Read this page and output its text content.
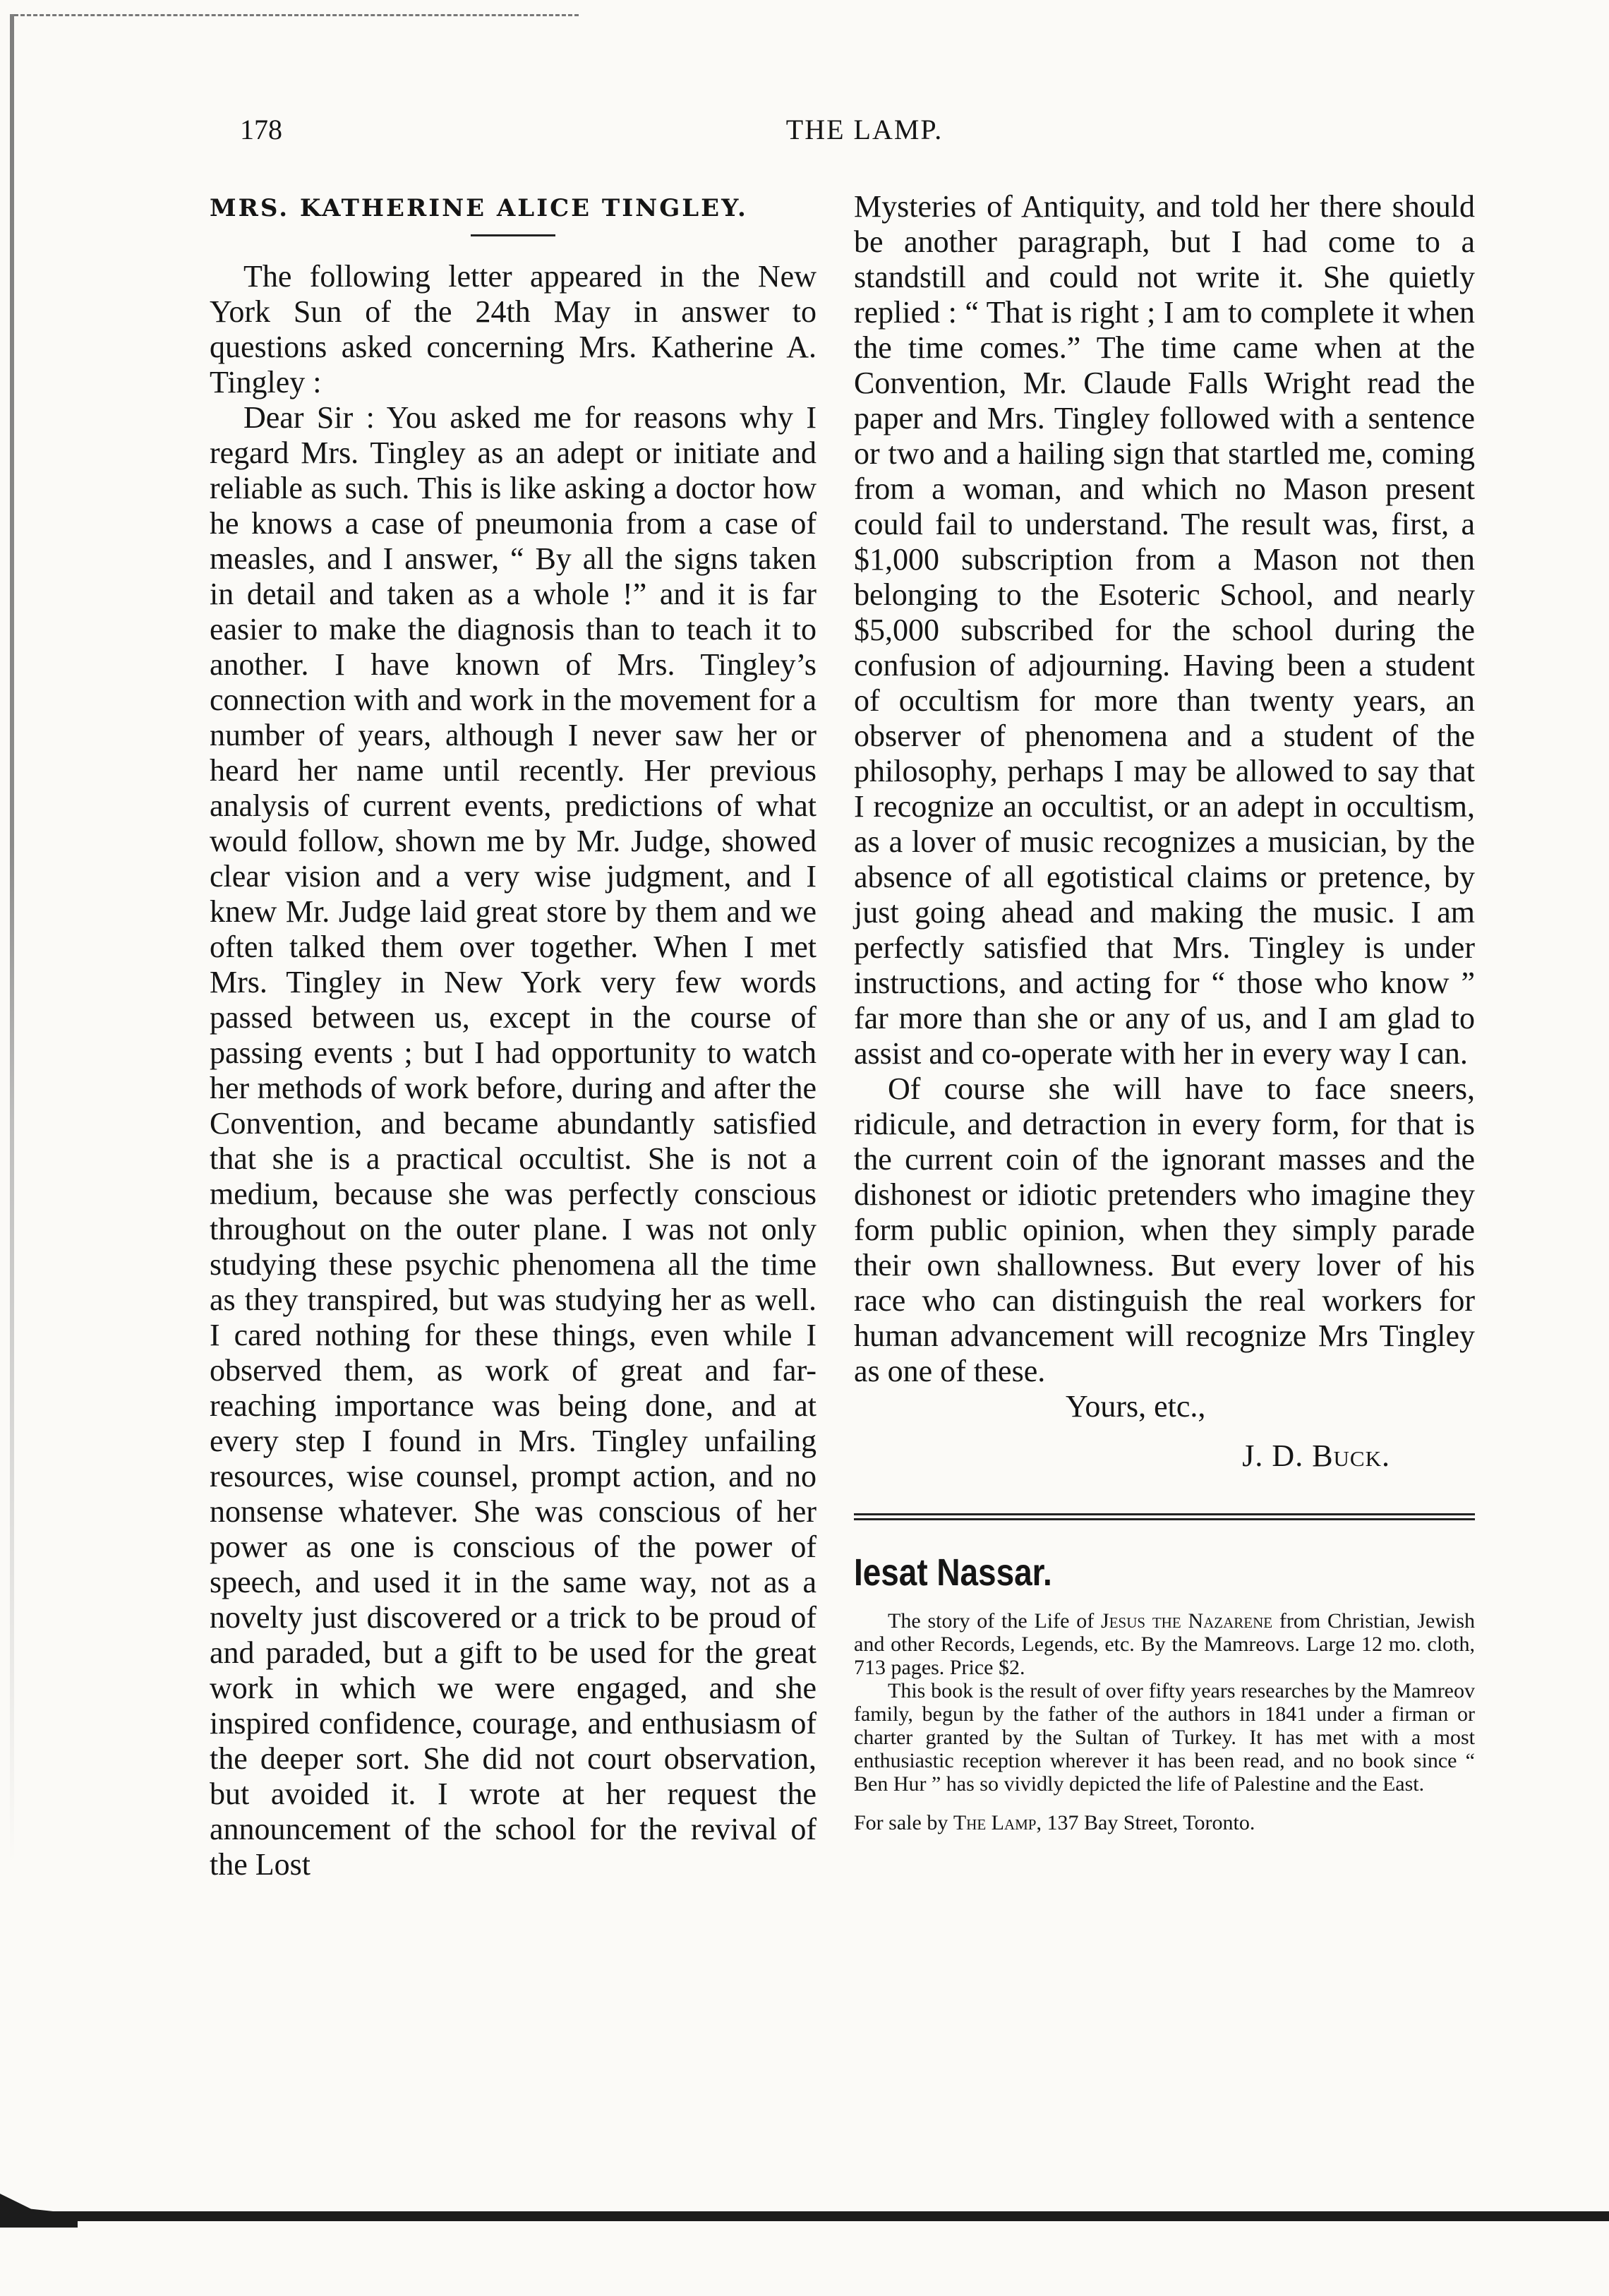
178	THE LAMP.

MRS. KATHERINE ALICE TINGLEY.

The following letter appeared in the New York Sun of the 24th May in answer to questions asked concerning Mrs. Katherine A. Tingley :

Dear Sir : You asked me for reasons why I regard Mrs. Tingley as an adept or initiate and reliable as such. This is like asking a doctor how he knows a case of pneumonia from a case of measles, and I answer, “ By all the signs taken in detail and taken as a whole !” and it is far easier to make the diagnosis than to teach it to another. I have known of Mrs. Tingley’s connection with and work in the movement for a number of years, although I never saw her or heard her name until recently. Her previous analysis of current events, predictions of what would follow, shown me by Mr. Judge, showed clear vision and a very wise judgment, and I knew Mr. Judge laid great store by them and we often talked them over together. When I met Mrs. Tingley in New York very few words passed between us, except in the course of passing events ; but I had opportunity to watch her methods of work before, during and after the Convention, and became abundantly satisfied that she is a practical occultist. She is not a medium, because she was perfectly conscious throughout on the outer plane. I was not only studying these psychic phenomena all the time as they transpired, but was studying her as well. I cared nothing for these things, even while I observed them, as work of great and far-reaching importance was being done, and at every step I found in Mrs. Tingley unfailing resources, wise counsel, prompt action, and no nonsense whatever. She was conscious of her power as one is conscious of the power of speech, and used it in the same way, not as a novelty just discovered or a trick to be proud of and paraded, but a gift to be used for the great work in which we were engaged, and she inspired confidence, courage, and enthusiasm of the deeper sort. She did not court observation, but avoided it. I wrote at her request the announcement of the school for the revival of the Lost

Mysteries of Antiquity, and told her there should be another paragraph, but I had come to a standstill and could not write it. She quietly replied : “ That is right ; I am to complete it when the time comes.” The time came when at the Convention, Mr. Claude Falls Wright read the paper and Mrs. Tingley followed with a sentence or two and a hailing sign that startled me, coming from a woman, and which no Mason present could fail to understand. The result was, first, a $1,000 subscription from a Mason not then belonging to the Esoteric School, and nearly $5,000 subscribed for the school during the confusion of adjourning. Having been a student of occultism for more than twenty years, an observer of phenomena and a student of the philosophy, perhaps I may be allowed to say that I recognize an occultist, or an adept in occultism, as a lover of music recognizes a musician, by the absence of all egotistical claims or pretence, by just going ahead and making the music. I am perfectly satisfied that Mrs. Tingley is under instructions, and acting for “ those who know ” far more than she or any of us, and I am glad to assist and co-operate with her in every way I can.

Of course she will have to face sneers, ridicule, and detraction in every form, for that is the current coin of the ignorant masses and the dishonest or idiotic pretenders who imagine they form public opinion, when they simply parade their own shallowness. But every lover of his race who can distinguish the real workers for human advancement will recognize Mrs Tingley as one of these.

Yours, etc.,

J. D. Buck.

Iesat Nassar.

The story of the Life of Jesus the Nazarene from Christian, Jewish and other Records, Legends, etc. By the Mamreovs. Large 12 mo. cloth, 713 pages. Price $2.

This book is the result of over fifty years researches by the Mamreov family, begun by the father of the authors in 1841 under a firman or charter granted by the Sultan of Turkey. It has met with a most enthusiastic reception wherever it has been read, and no book since “ Ben Hur ” has so vividly depicted the life of Palestine and the East.

For sale by The Lamp, 137 Bay Street, Toronto.
